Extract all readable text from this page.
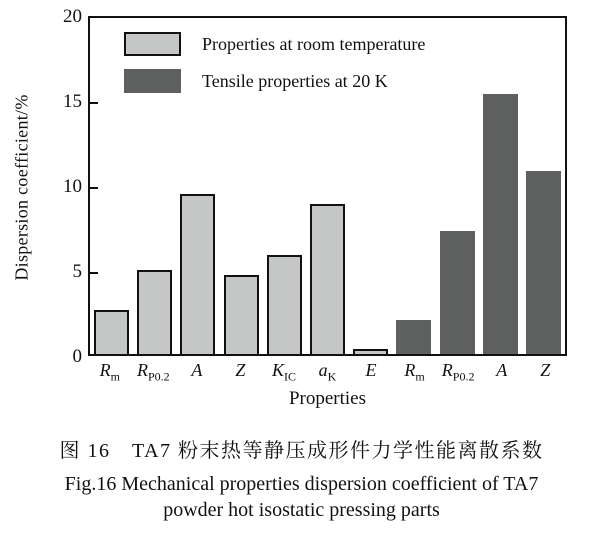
Dispersion coefficient/%
0
5
10
15
20
Properties at room temperature
Tensile properties at 20 K
$R_m$ $R_{P0.2}$	A	Z	$K_{IC}$	$a_K$	E	$R_m$ $R_{P0.2}$	A	Z
Properties
图 16　TA7 粉末热等静压成形件力学性能离散系数
Fig.16 Mechanical properties dispersion coefficient of TA7
powder hot isostatic pressing parts
